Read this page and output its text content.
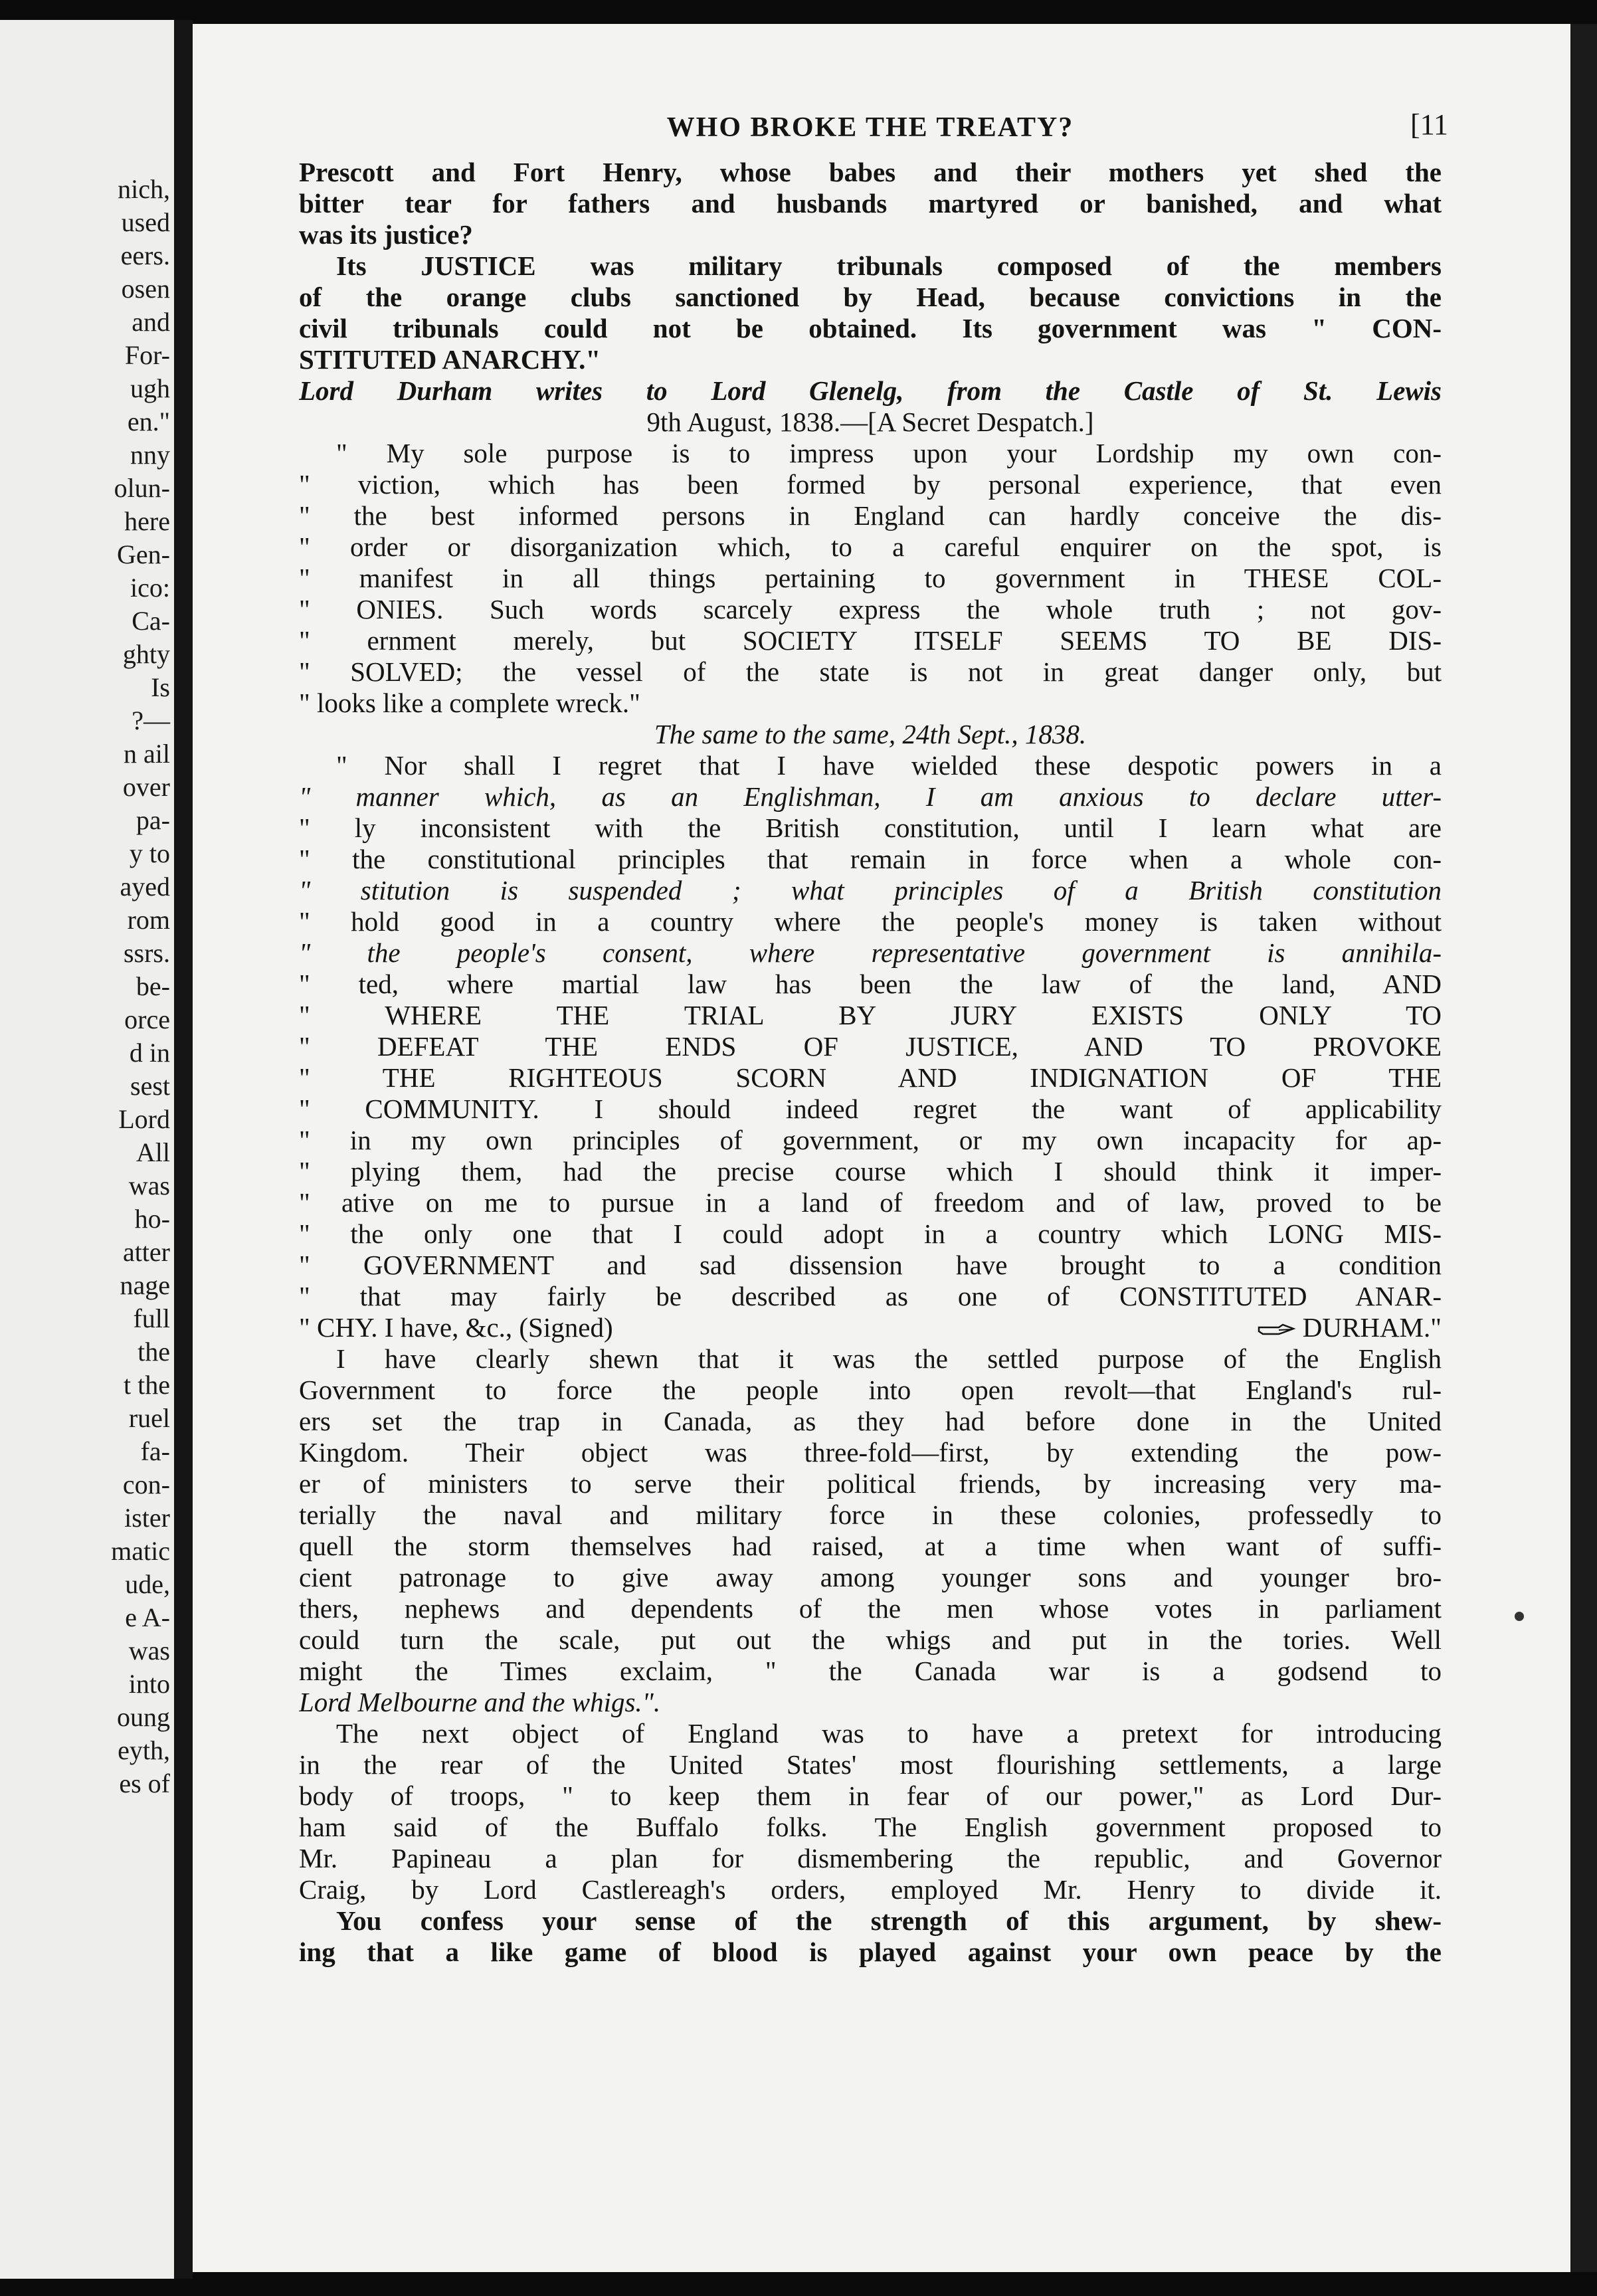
nich,
used
eers.
osen
and
For-
ugh
en."
nny
olun-
here
Gen-
ico:
Ca-
ghty
Is
?—
n ail
over
pa-
y to
ayed
rom
ssrs.
be-
orce
d in
sest
Lord
All
was
ho-
atter
nage
full
the
t the
ruel
fa-
con-
ister
matic
ude,
e A-
was
into
oung
eyth,
es of
WHO BROKE THE TREATY?	[11
Prescott and Fort Henry, whose babes and their mothers yet shed the
bitter tear for fathers and husbands martyred or banished, and what
was its justice?
Its JUSTICE was military tribunals composed of the members
of the orange clubs sanctioned by Head, because convictions in the
civil tribunals could not be obtained. Its government was " CON-
STITUTED ANARCHY."
Lord Durham writes to Lord Glenelg, from the Castle of St. Lewis
9th August, 1838.—[A Secret Despatch.]
" My sole purpose is to impress upon your Lordship my own con-
" viction, which has been formed by personal experience, that even
" the best informed persons in England can hardly conceive the dis-
" order or disorganization which, to a careful enquirer on the spot, is
" manifest in all things pertaining to government in THESE COL-
" ONIES. Such words scarcely express the whole truth ; not gov-
" ernment merely, but SOCIETY ITSELF SEEMS TO BE DIS-
" SOLVED; the vessel of the state is not in great danger only, but
" looks like a complete wreck."
The same to the same, 24th Sept., 1838.
" Nor shall I regret that I have wielded these despotic powers in a
" manner which, as an Englishman, I am anxious to declare utter-
" ly inconsistent with the British constitution, until I learn what are
" the constitutional principles that remain in force when a whole con-
" stitution is suspended ; what principles of a British constitution
" hold good in a country where the people's money is taken without
" the people's consent, where representative government is annihila-
" ted, where martial law has been the law of the land, AND
" WHERE THE TRIAL BY JURY EXISTS ONLY TO
" DEFEAT THE ENDS OF JUSTICE, AND TO PROVOKE
" THE RIGHTEOUS SCORN AND INDIGNATION OF THE
" COMMUNITY. I should indeed regret the want of applicability
" in my own principles of government, or my own incapacity for ap-
" plying them, had the precise course which I should think it imper-
" ative on me to pursue in a land of freedom and of law, proved to be
" the only one that I could adopt in a country which LONG MIS-
" GOVERNMENT and sad dissension have brought to a condition
" that may fairly be described as one of CONSTITUTED ANAR-
" CHY. I have, &c., (Signed)	DURHAM."
I have clearly shewn that it was the settled purpose of the English
Government to force the people into open revolt—that England's rul-
ers set the trap in Canada, as they had before done in the United
Kingdom. Their object was three-fold—first, by extending the pow-
er of ministers to serve their political friends, by increasing very ma-
terially the naval and military force in these colonies, professedly to
quell the storm themselves had raised, at a time when want of suffi-
cient patronage to give away among younger sons and younger bro-
thers, nephews and dependents of the men whose votes in parliament
could turn the scale, put out the whigs and put in the tories. Well
might the Times exclaim, " the Canada war is a godsend to
Lord Melbourne and the whigs.".
The next object of England was to have a pretext for introducing
in the rear of the United States' most flourishing settlements, a large
body of troops, " to keep them in fear of our power," as Lord Dur-
ham said of the Buffalo folks. The English government proposed to
Mr. Papineau a plan for dismembering the republic, and Governor
Craig, by Lord Castlereagh's orders, employed Mr. Henry to divide it.
You confess your sense of the strength of this argument, by shew-
ing that a like game of blood is played against your own peace by the
